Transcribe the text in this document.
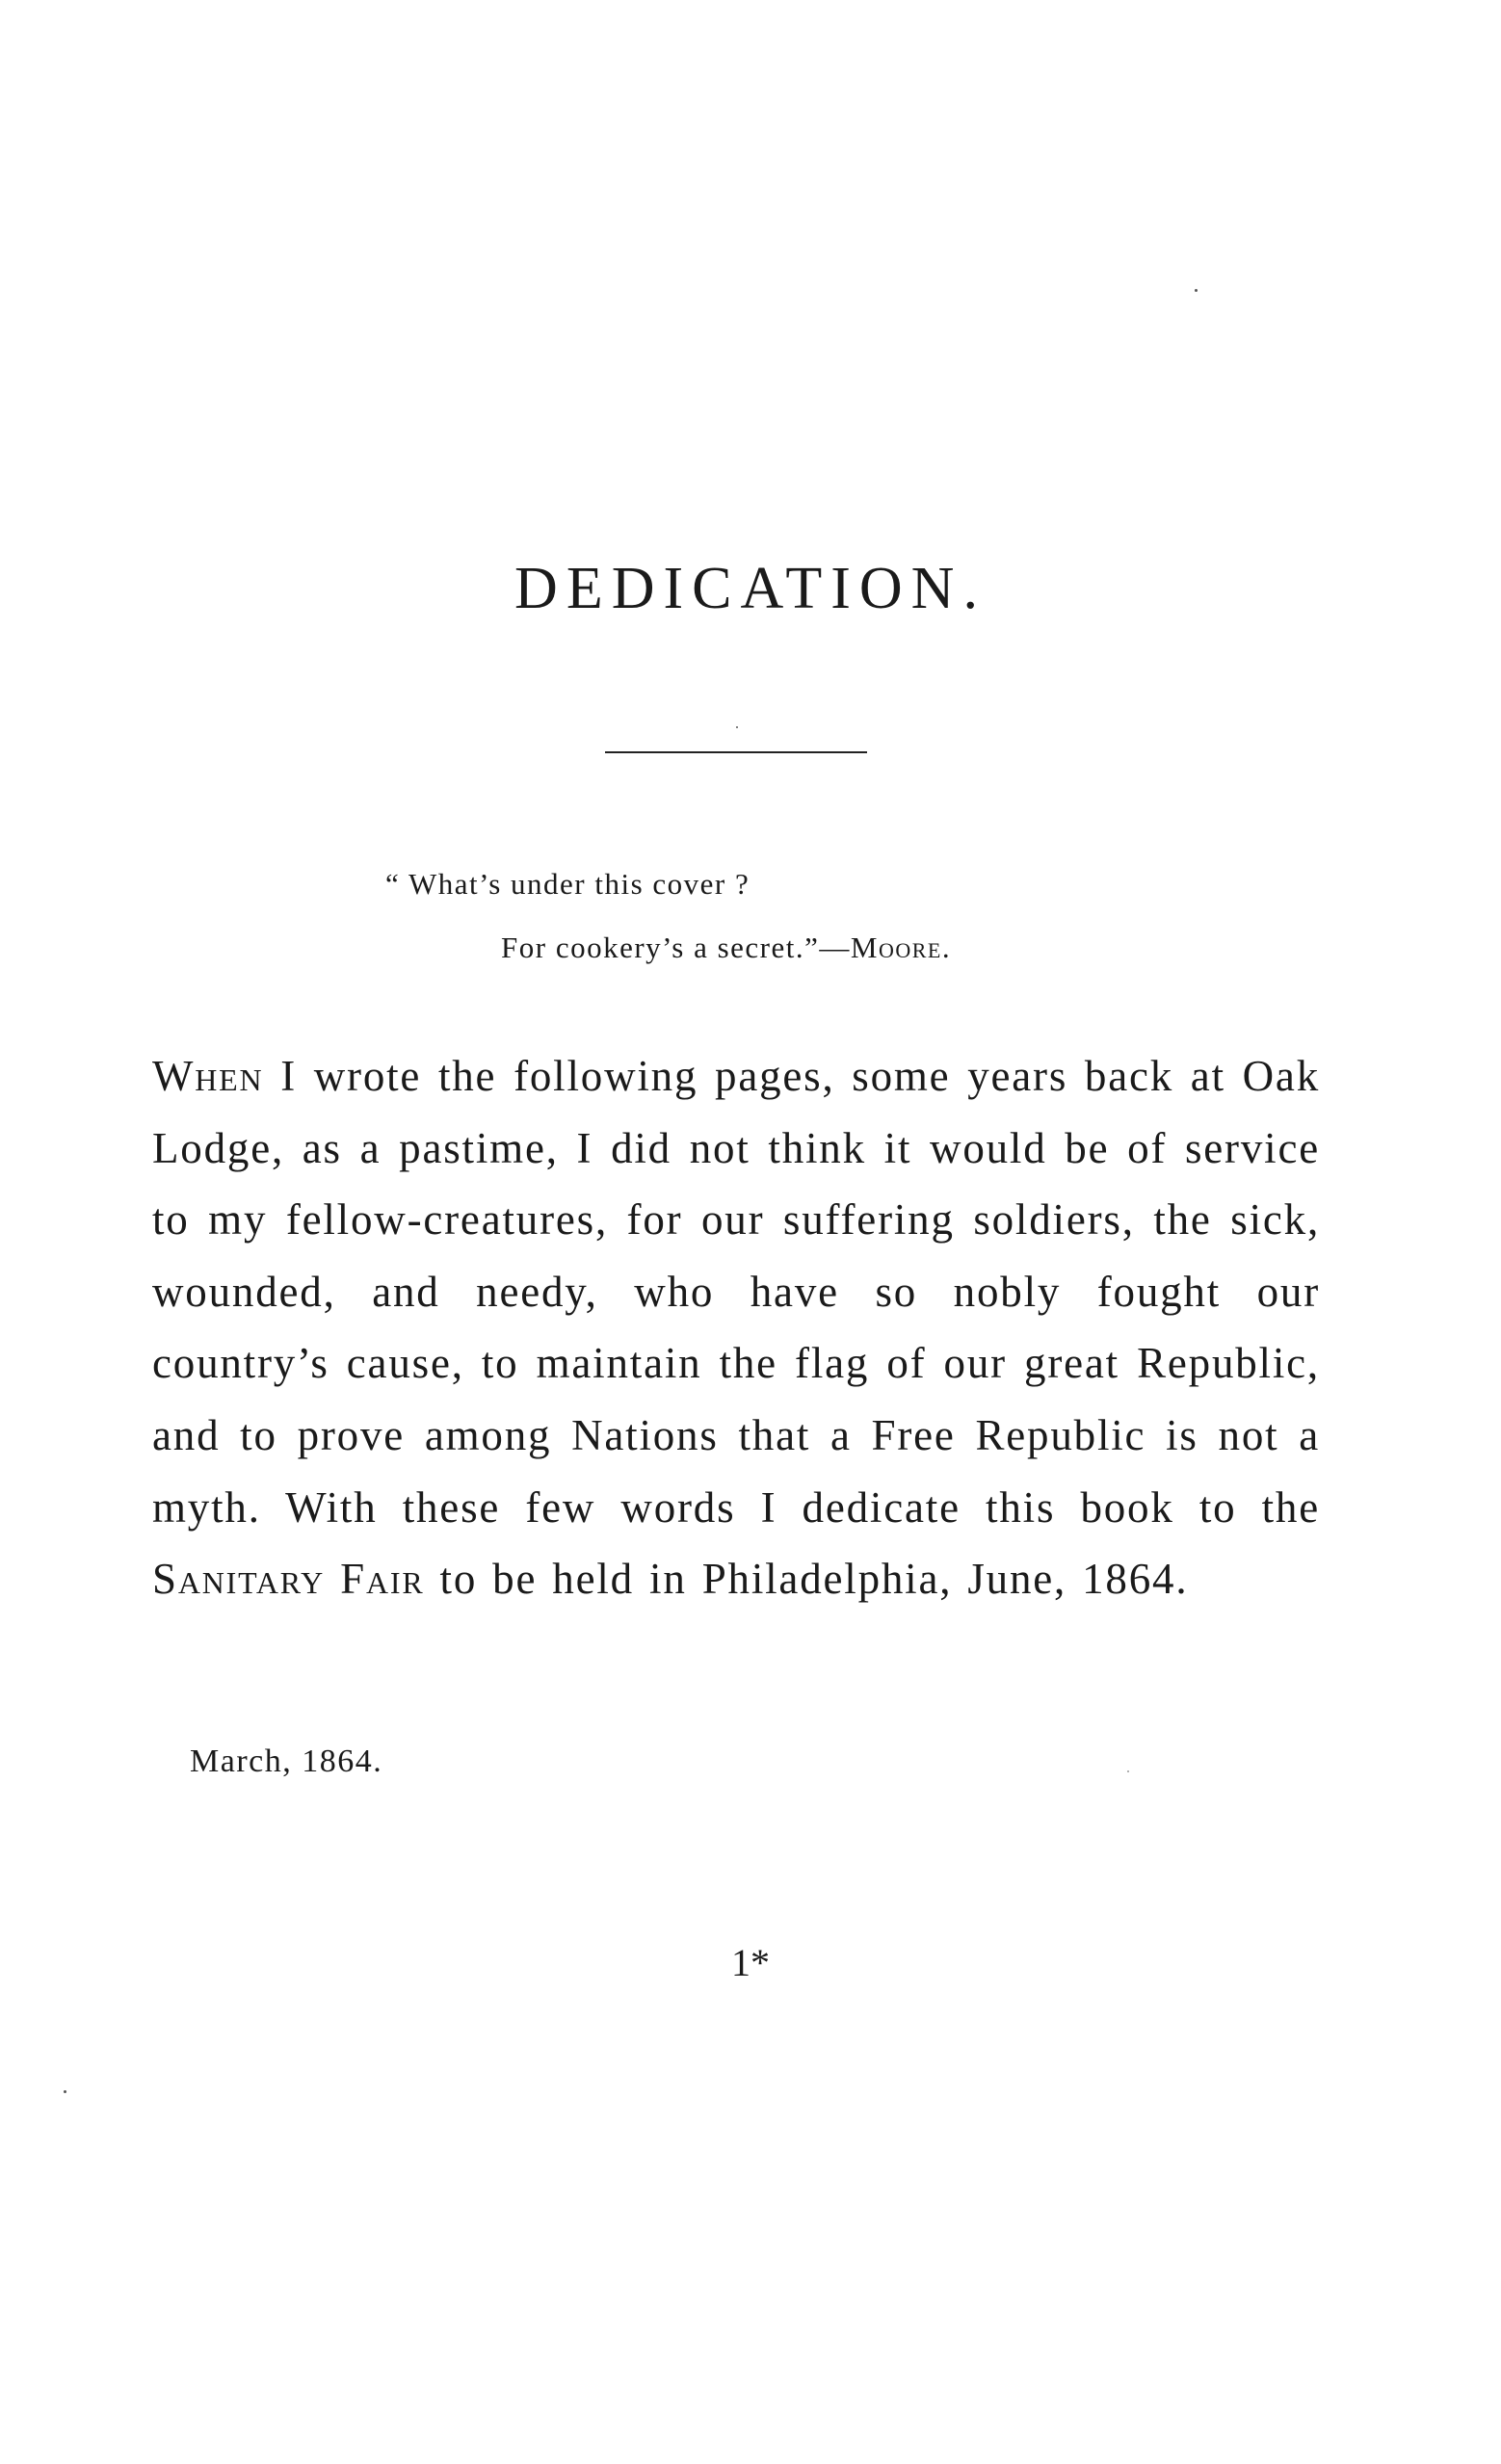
DEDICATION.
“ What’s under this cover ?
For cookery’s a secret.”—Moore.

When I wrote the following pages, some years back at Oak Lodge, as a pastime, I did not think it would be of service to my fellow-creatures, for our suffering soldiers, the sick, wounded, and needy, who have so nobly fought our country’s cause, to maintain the flag of our great Republic, and to prove among Nations that a Free Republic is not a myth. With these few words I dedicate this book to the Sanitary Fair to be held in Philadelphia, June, 1864.

March, 1864.
1*
